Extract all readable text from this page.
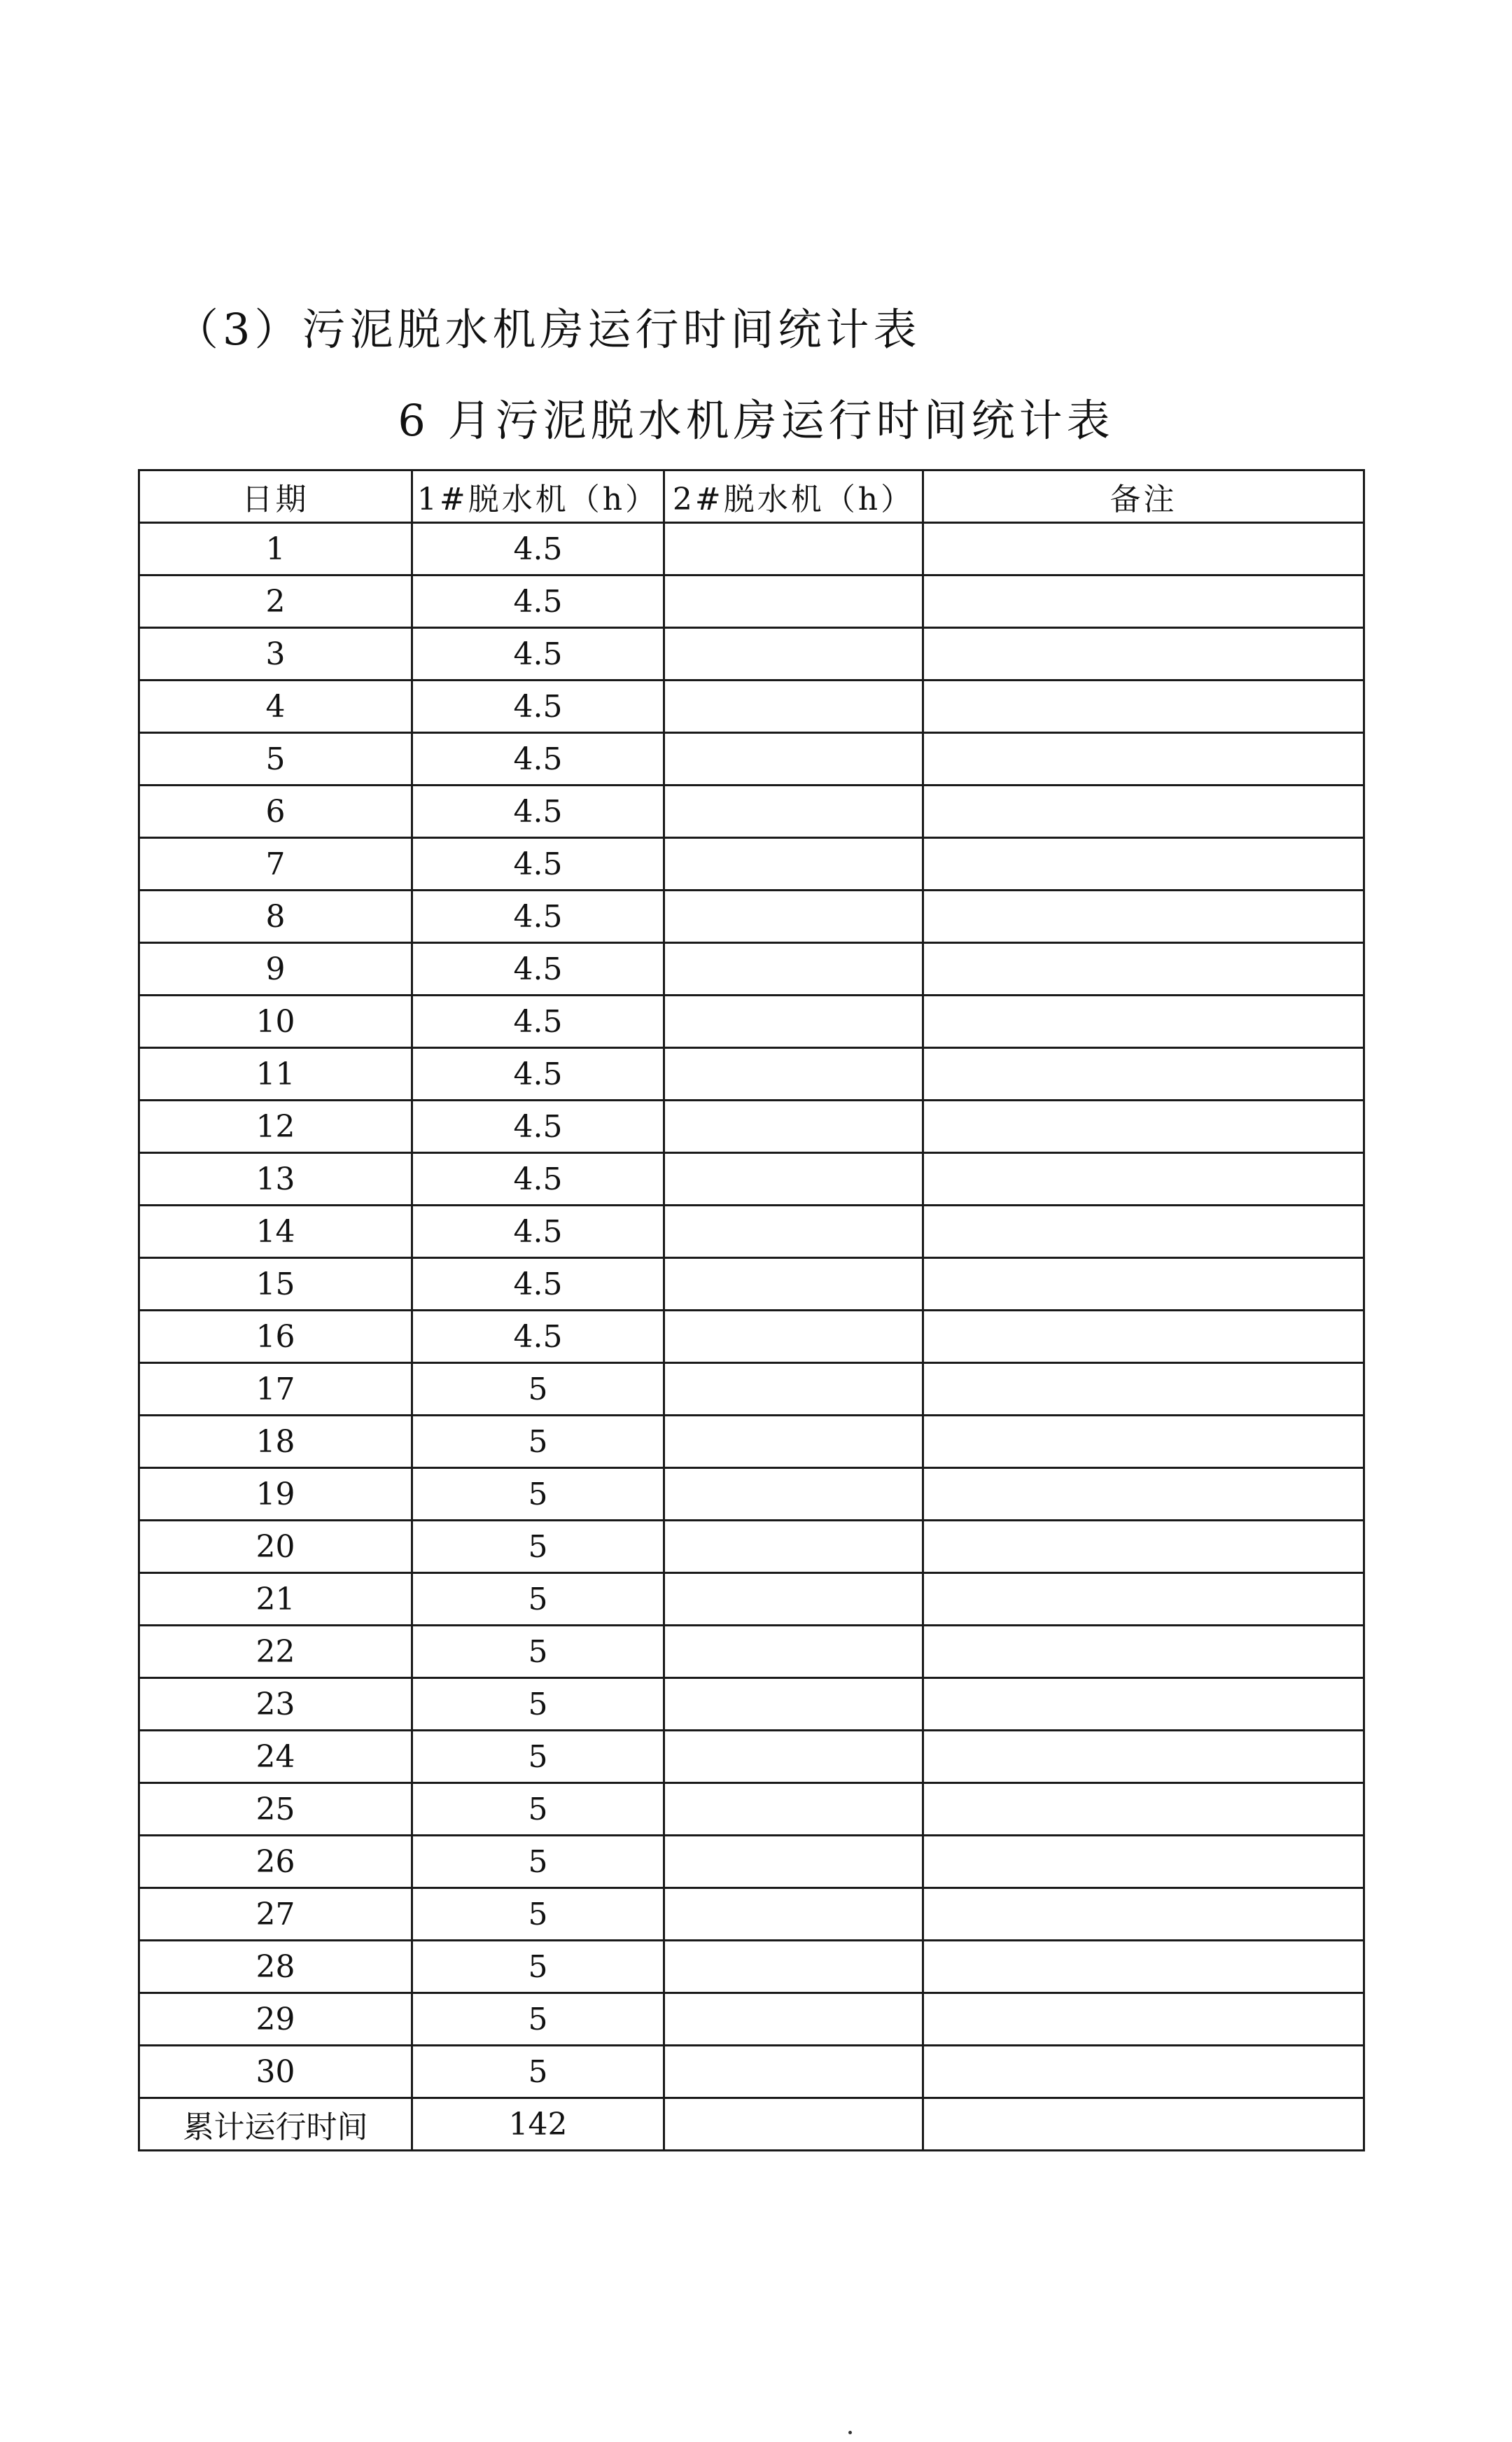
（3）污泥脱水机房运行时间统计表
6 月污泥脱水机房运行时间统计表
日期	1#脱水机（h）	2#脱水机（h）	备注
1	4.5		
2	4.5		
3	4.5		
4	4.5		
5	4.5		
6	4.5		
7	4.5		
8	4.5		
9	4.5		
10	4.5		
11	4.5		
12	4.5		
13	4.5		
14	4.5		
15	4.5		
16	4.5		
17	5		
18	5		
19	5		
20	5		
21	5		
22	5		
23	5		
24	5		
25	5		
26	5		
27	5		
28	5		
29	5		
30	5		
累计运行时间	142		
